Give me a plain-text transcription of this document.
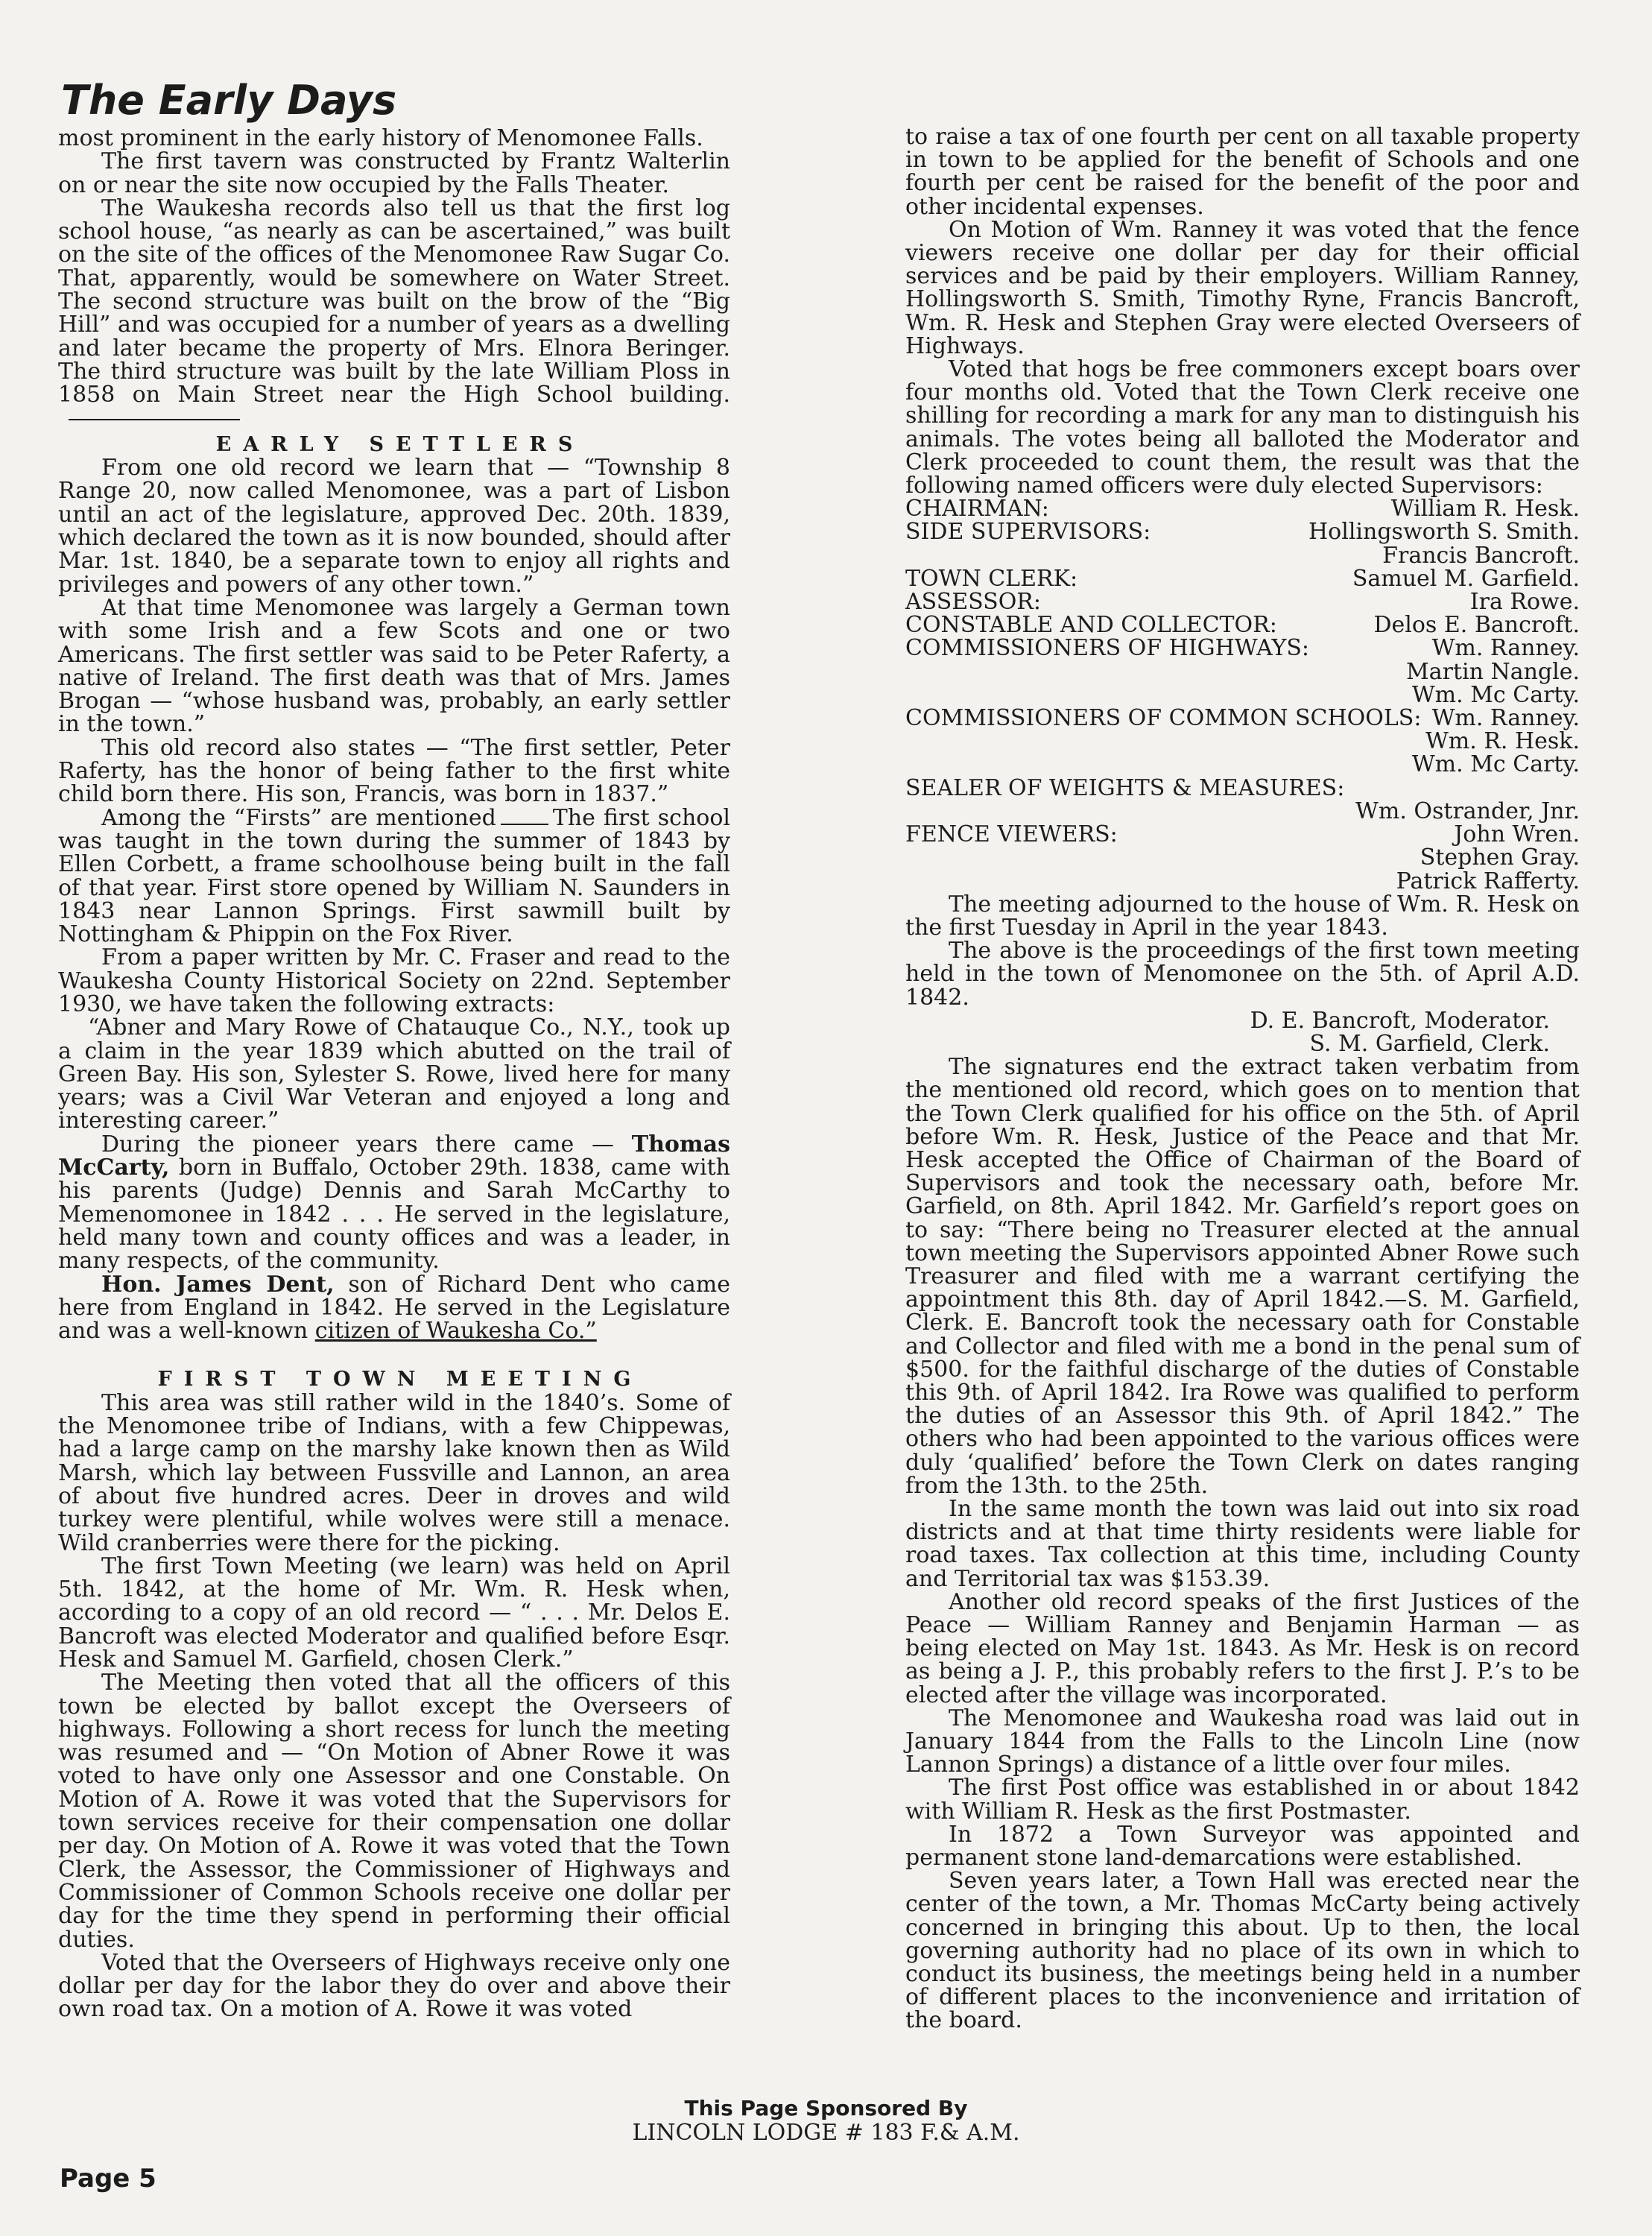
The Early Days

most prominent in the early history of Menomonee Falls.

The first tavern was constructed by Frantz Walterlin on or near the site now occupied by the Falls Theater.

The Waukesha records also tell us that the first log school house, “as nearly as can be ascertained,” was built on the site of the offices of the Menomonee Raw Sugar Co. That, apparently, would be somewhere on Water Street. The second structure was built on the brow of the “Big Hill” and was occupied for a number of years as a dwelling and later became the property of Mrs. Elnora Beringer. The third structure was built by the late William Ploss in 1858 on Main Street near the High School building.

EARLY SETTLERS

From one old record we learn that — “Township 8 Range 20, now called Menomonee, was a part of Lisbon until an act of the legislature, approved Dec. 20th. 1839, which declared the town as it is now bounded, should after Mar. 1st. 1840, be a separate town to enjoy all rights and privileges and powers of any other town.”

At that time Menomonee was largely a German town with some Irish and a few Scots and one or two Americans. The first settler was said to be Peter Raferty, a native of Ireland. The first death was that of Mrs. James Brogan — “whose husband was, probably, an early settler in the town.”

This old record also states — “The first settler, Peter Raferty, has the honor of being father to the first white child born there. His son, Francis, was born in 1837.”

Among the “Firsts” are mentioned	The first school was taught in the town during the summer of 1843 by Ellen Corbett, a frame schoolhouse being built in the fall of that year. First store opened by William N. Saunders in 1843 near Lannon Springs. First sawmill built by Nottingham & Phippin on the Fox River.

From a paper written by Mr. C. Fraser and read to the Waukesha County Historical Society on 22nd. September 1930, we have taken the following extracts:

“Abner and Mary Rowe of Chatauque Co., N.Y., took up a claim in the year 1839 which abutted on the trail of Green Bay. His son, Sylester S. Rowe, lived here for many years; was a Civil War Veteran and enjoyed a long and interesting career.”

During the pioneer years there came — Thomas McCarty, born in Buffalo, October 29th. 1838, came with his parents (Judge) Dennis and Sarah McCarthy to Memenomonee in 1842 . . . He served in the legislature, held many town and county offices and was a leader, in many respects, of the community.

Hon. James Dent, son of Richard Dent who came here from England in 1842. He served in the Legislature and was a well-known citizen of Waukesha Co.”

FIRST TOWN MEETING

This area was still rather wild in the 1840’s. Some of the Menomonee tribe of Indians, with a few Chippewas, had a large camp on the marshy lake known then as Wild Marsh, which lay between Fussville and Lannon, an area of about five hundred acres. Deer in droves and wild turkey were plentiful, while wolves were still a menace. Wild cranberries were there for the picking.

The first Town Meeting (we learn) was held on April 5th. 1842, at the home of Mr. Wm. R. Hesk when, according to a copy of an old record — “ . . . Mr. Delos E. Bancroft was elected Moderator and qualified before Esqr. Hesk and Samuel M. Garfield, chosen Clerk.”

The Meeting then voted that all the officers of this town be elected by ballot except the Overseers of highways. Following a short recess for lunch the meeting was resumed and — “On Motion of Abner Rowe it was voted to have only one Assessor and one Constable. On Motion of A. Rowe it was voted that the Supervisors for town services receive for their compensation one dollar per day. On Motion of A. Rowe it was voted that the Town Clerk, the Assessor, the Commissioner of Highways and Commissioner of Common Schools receive one dollar per day for the time they spend in performing their official duties.

Voted that the Overseers of Highways receive only one dollar per day for the labor they do over and above their own road tax. On a motion of A. Rowe it was voted

to raise a tax of one fourth per cent on all taxable property in town to be applied for the benefit of Schools and one fourth per cent be raised for the benefit of the poor and other incidental expenses.

On Motion of Wm. Ranney it was voted that the fence viewers receive one dollar per day for their official services and be paid by their employers. William Ranney, Hollingsworth S. Smith, Timothy Ryne, Francis Bancroft, Wm. R. Hesk and Stephen Gray were elected Overseers of Highways.

Voted that hogs be free commoners except boars over four months old. Voted that the Town Clerk receive one shilling for recording a mark for any man to distinguish his animals. The votes being all balloted the Moderator and Clerk proceeded to count them, the result was that the following named officers were duly elected Supervisors:

CHAIRMAN:	William R. Hesk.
SIDE SUPERVISORS:	Hollingsworth S. Smith.
Francis Bancroft.
TOWN CLERK:	Samuel M. Garfield.
ASSESSOR:	Ira Rowe.
CONSTABLE AND COLLECTOR:	Delos E. Bancroft.
COMMISSIONERS OF HIGHWAYS:	Wm. Ranney.
Martin Nangle.
Wm. Mc Carty.
COMMISSIONERS OF COMMON SCHOOLS: Wm. Ranney.
Wm. R. Hesk.
Wm. Mc Carty.
SEALER OF WEIGHTS & MEASURES:
Wm. Ostrander, Jnr.
FENCE VIEWERS:	John Wren.
Stephen Gray.
Patrick Rafferty.

The meeting adjourned to the house of Wm. R. Hesk on the first Tuesday in April in the year 1843.

The above is the proceedings of the first town meeting held in the town of Menomonee on the 5th. of April A.D. 1842.

D. E. Bancroft, Moderator.
S. M. Garfield, Clerk.

The signatures end the extract taken verbatim from the mentioned old record, which goes on to mention that the Town Clerk qualified for his office on the 5th. of April before Wm. R. Hesk, Justice of the Peace and that Mr. Hesk accepted the Office of Chairman of the Board of Supervisors and took the necessary oath, before Mr. Garfield, on 8th. April 1842. Mr. Garfield’s report goes on to say: “There being no Treasurer elected at the annual town meeting the Supervisors appointed Abner Rowe such Treasurer and filed with me a warrant certifying the appointment this 8th. day of April 1842.—S. M. Garfield, Clerk. E. Bancroft took the necessary oath for Constable and Collector and filed with me a bond in the penal sum of $500. for the faithful discharge of the duties of Constable this 9th. of April 1842. Ira Rowe was qualified to perform the duties of an Assessor this 9th. of April 1842.” The others who had been appointed to the various offices were duly ‘qualified’ before the Town Clerk on dates ranging from the 13th. to the 25th.

In the same month the town was laid out into six road districts and at that time thirty residents were liable for road taxes. Tax collection at this time, including County and Territorial tax was $153.39.

Another old record speaks of the first Justices of the Peace — William Ranney and Benjamin Harman — as being elected on May 1st. 1843. As Mr. Hesk is on record as being a J. P., this probably refers to the first J. P.’s to be elected after the village was incorporated.

The Menomonee and Waukesha road was laid out in January 1844 from the Falls to the Lincoln Line (now Lannon Springs) a distance of a little over four miles.

The first Post office was established in or about 1842 with William R. Hesk as the first Postmaster.

In 1872 a Town Surveyor was appointed and permanent stone land-demarcations were established.

Seven years later, a Town Hall was erected near the center of the town, a Mr. Thomas McCarty being actively concerned in bringing this about. Up to then, the local governing authority had no place of its own in which to conduct its business, the meetings being held in a number of different places to the inconvenience and irritation of the board.

This Page Sponsored By
LINCOLN LODGE # 183 F.& A.M.
Page 5
